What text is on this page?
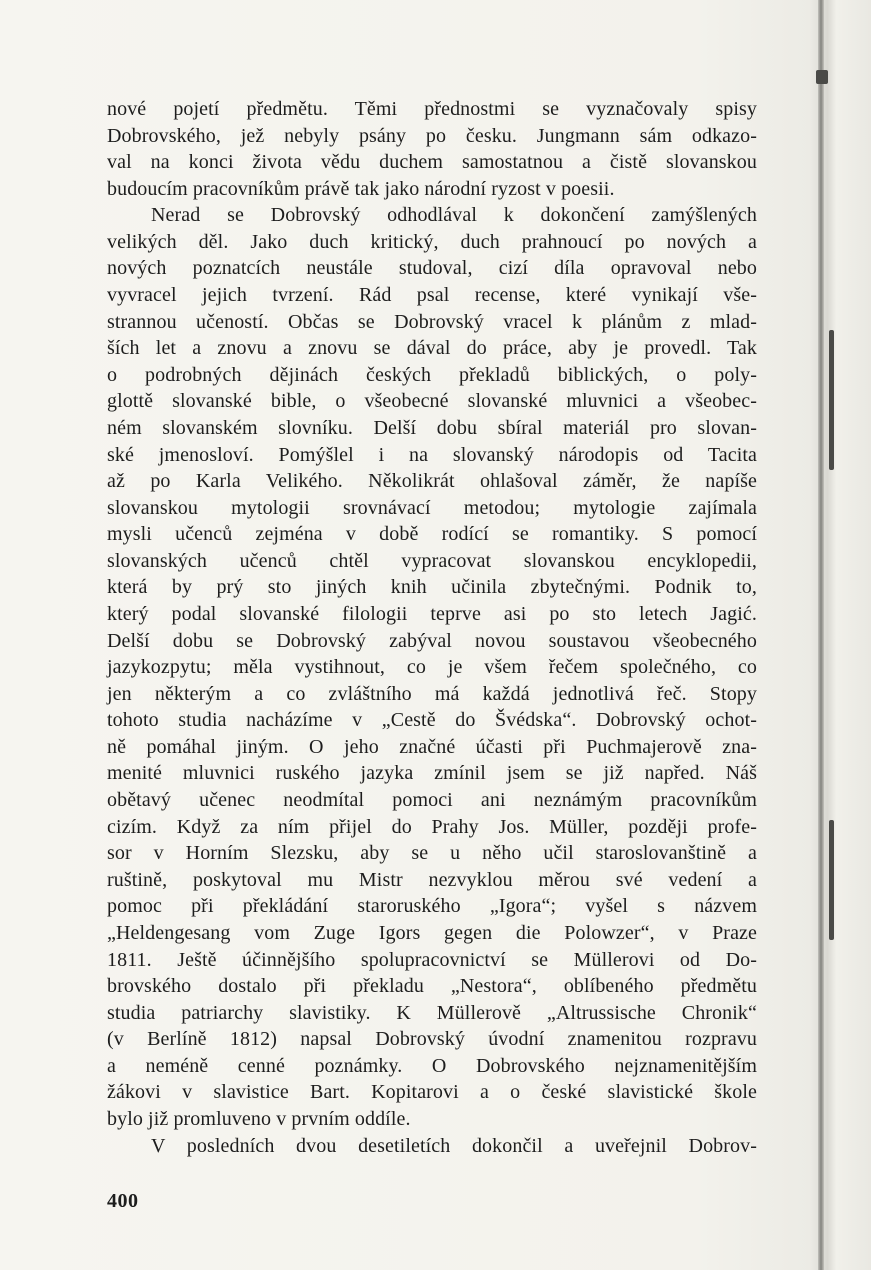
nové pojetí předmětu. Těmi přednostmi se vyznačovaly spisy
Dobrovského, jež nebyly psány po česku. Jungmann sám odkazo-
val na konci života vědu duchem samostatnou a čistě slovanskou
budoucím pracovníkům právě tak jako národní ryzost v poesii.
Nerad se Dobrovský odhodlával k dokončení zamýšlených
velikých děl. Jako duch kritický, duch prahnoucí po nových a
nových poznatcích neustále studoval, cizí díla opravoval nebo
vyvracel jejich tvrzení. Rád psal recense, které vynikají vše-
strannou učeností. Občas se Dobrovský vracel k plánům z mlad-
ších let a znovu a znovu se dával do práce, aby je provedl. Tak
o podrobných dějinách českých překladů biblických, o poly-
glottě slovanské bible, o všeobecné slovanské mluvnici a všeobec-
ném slovanském slovníku. Delší dobu sbíral materiál pro slovan-
ské jmenosloví. Pomýšlel i na slovanský národopis od Tacita
až po Karla Velikého. Několikrát ohlašoval záměr, že napíše
slovanskou mytologii srovnávací metodou; mytologie zajímala
mysli učenců zejména v době rodící se romantiky. S pomocí
slovanských učenců chtěl vypracovat slovanskou encyklopedii,
která by prý sto jiných knih učinila zbytečnými. Podnik to,
který podal slovanské filologii teprve asi po sto letech Jagić.
Delší dobu se Dobrovský zabýval novou soustavou všeobecného
jazykozpytu; měla vystihnout, co je všem řečem společného, co
jen některým a co zvláštního má každá jednotlivá řeč. Stopy
tohoto studia nacházíme v „Cestě do Švédska“. Dobrovský ochot-
ně pomáhal jiným. O jeho značné účasti při Puchmajerově zna-
menité mluvnici ruského jazyka zmínil jsem se již napřed. Náš
obětavý učenec neodmítal pomoci ani neznámým pracovníkům
cizím. Když za ním přijel do Prahy Jos. Müller, později profe-
sor v Horním Slezsku, aby se u něho učil staroslovanštině a
ruštině, poskytoval mu Mistr nezvyklou měrou své vedení a
pomoc při překládání staroruského „Igora“; vyšel s názvem
„Heldengesang vom Zuge Igors gegen die Polowzer“, v Praze
1811. Ještě účinnějšího spolupracovnictví se Müllerovi od Do-
brovského dostalo při překladu „Nestora“, oblíbeného předmětu
studia patriarchy slavistiky. K Müllerově „Altrussische Chronik“
(v Berlíně 1812) napsal Dobrovský úvodní znamenitou rozpravu
a neméně cenné poznámky. O Dobrovského nejznamenitějším
žákovi v slavistice Bart. Kopitarovi a o české slavistické škole
bylo již promluveno v prvním oddíle.
V posledních dvou desetiletích dokončil a uveřejnil Dobrov-
400
